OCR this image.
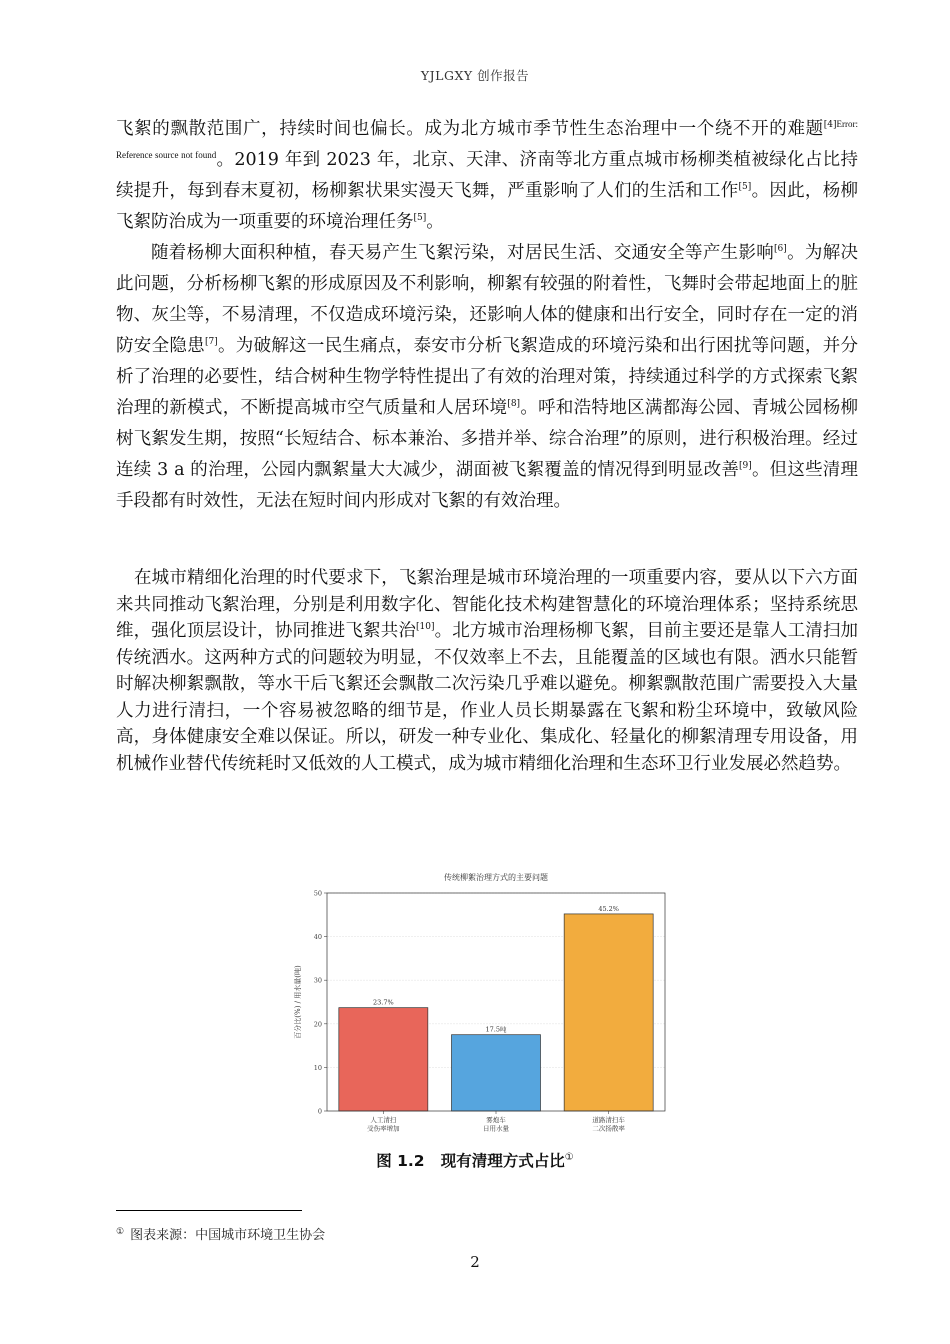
YJLGXY 创作报告

飞絮的飘散范围广，持续时间也偏长。成为北方城市季节性生态治理中一个绕不开的难题$^{[4]Error: Reference source not found}$。2019 年到 2023 年，北京、天津、济南等北方重点城市杨柳类植被绿化占比持续提升，每到春末夏初，杨柳絮状果实漫天飞舞，严重影响了人们的生活和工作[5]。因此，杨柳飞絮防治成为一项重要的环境治理任务[5]。

随着杨柳大面积种植，春天易产生飞絮污染，对居民生活、交通安全等产生影响[6]。为解决此问题，分析杨柳飞絮的形成原因及不利影响，柳絮有较强的附着性，飞舞时会带起地面上的脏物、灰尘等，不易清理，不仅造成环境污染，还影响人体的健康和出行安全，同时存在一定的消防安全隐患[7]。为破解这一民生痛点，泰安市分析飞絮造成的环境污染和出行困扰等问题，并分析了治理的必要性，结合树种生物学特性提出了有效的治理对策，持续通过科学的方式探索飞絮治理的新模式，不断提高城市空气质量和人居环境[8]。呼和浩特地区满都海公园、青城公园杨柳树飞絮发生期，按照“长短结合、标本兼治、多措并举、综合治理”的原则，进行积极治理。经过连续 3 a 的治理，公园内飘絮量大大减少，湖面被飞絮覆盖的情况得到明显改善[9]。但这些清理手段都有时效性，无法在短时间内形成对飞絮的有效治理。

在城市精细化治理的时代要求下，飞絮治理是城市环境治理的一项重要内容，要从以下六方面来共同推动飞絮治理，分别是利用数字化、智能化技术构建智慧化的环境治理体系；坚持系统思维，强化顶层设计，协同推进飞絮共治[10]。北方城市治理杨柳飞絮，目前主要还是靠人工清扫加传统洒水。这两种方式的问题较为明显，不仅效率上不去，且能覆盖的区域也有限。洒水只能暂时解决柳絮飘散，等水干后飞絮还会飘散二次污染几乎难以避免。柳絮飘散范围广需要投入大量人力进行清扫，一个容易被忽略的细节是，作业人员长期暴露在飞絮和粉尘环境中，致敏风险高，身体健康安全难以保证。所以，研发一种专业化、集成化、轻量化的柳絮清理专用设备，用机械作业替代传统耗时又低效的人工模式，成为城市精细化治理和生态环卫行业发展必然趋势。

传统柳絮治理方式的主要问题
0
10
20
30
40
50
百分比(%) / 用水量(吨)	23.7%
人工清扫
受伤率增加
17.5吨
雾炮车
日用水量
45.2%
道路清扫车
二次扬散率
图 1.2 现有清理方式占比①
① 图表来源：中国城市环境卫生协会
2
